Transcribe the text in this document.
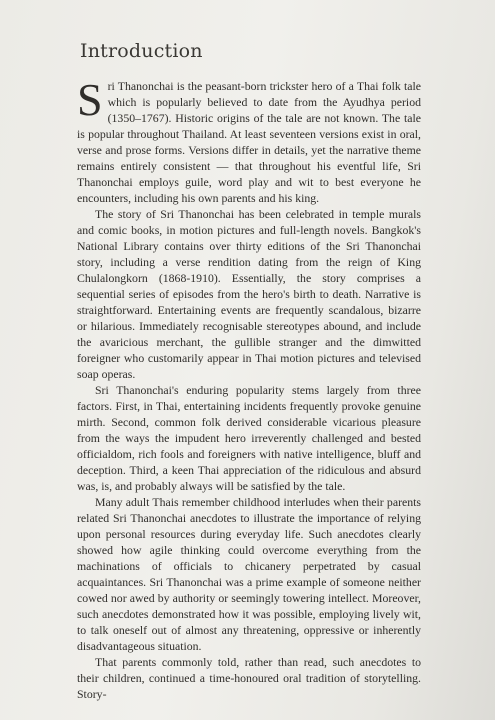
Introduction

Sri Thanonchai is the peasant-born trickster hero of a Thai folk tale which is popularly believed to date from the Ayudhya period (1350–1767). Historic origins of the tale are not known. The tale is popular throughout Thailand. At least seventeen versions exist in oral, verse and prose forms. Versions differ in details, yet the narrative theme remains entirely consistent — that throughout his eventful life, Sri Thanonchai employs guile, word play and wit to best everyone he encounters, including his own parents and his king.

The story of Sri Thanonchai has been celebrated in temple murals and comic books, in motion pictures and full-length novels. Bangkok's National Library contains over thirty editions of the Sri Thanonchai story, including a verse rendition dating from the reign of King Chulalongkorn (1868-1910). Essentially, the story comprises a sequential series of episodes from the hero's birth to death. Narrative is straightforward. Entertaining events are frequently scandalous, bizarre or hilarious. Immediately recognisable stereotypes abound, and include the avaricious merchant, the gullible stranger and the dimwitted foreigner who customarily appear in Thai motion pictures and televised soap operas.

Sri Thanonchai's enduring popularity stems largely from three factors. First, in Thai, entertaining incidents frequently provoke genuine mirth. Second, common folk derived considerable vicarious pleasure from the ways the impudent hero irreverently challenged and bested officialdom, rich fools and foreigners with native intelligence, bluff and deception. Third, a keen Thai appreciation of the ridiculous and absurd was, is, and probably always will be satisfied by the tale.

Many adult Thais remember childhood interludes when their parents related Sri Thanonchai anecdotes to illustrate the importance of relying upon personal resources during everyday life. Such anecdotes clearly showed how agile thinking could overcome everything from the machinations of officials to chicanery perpetrated by casual acquaintances. Sri Thanonchai was a prime example of someone neither cowed nor awed by authority or seemingly towering intellect. Moreover, such anecdotes demonstrated how it was possible, employing lively wit, to talk oneself out of almost any threatening, oppressive or inherently disadvantageous situation.

That parents commonly told, rather than read, such anecdotes to their children, continued a time-honoured oral tradition of storytelling. Story-
